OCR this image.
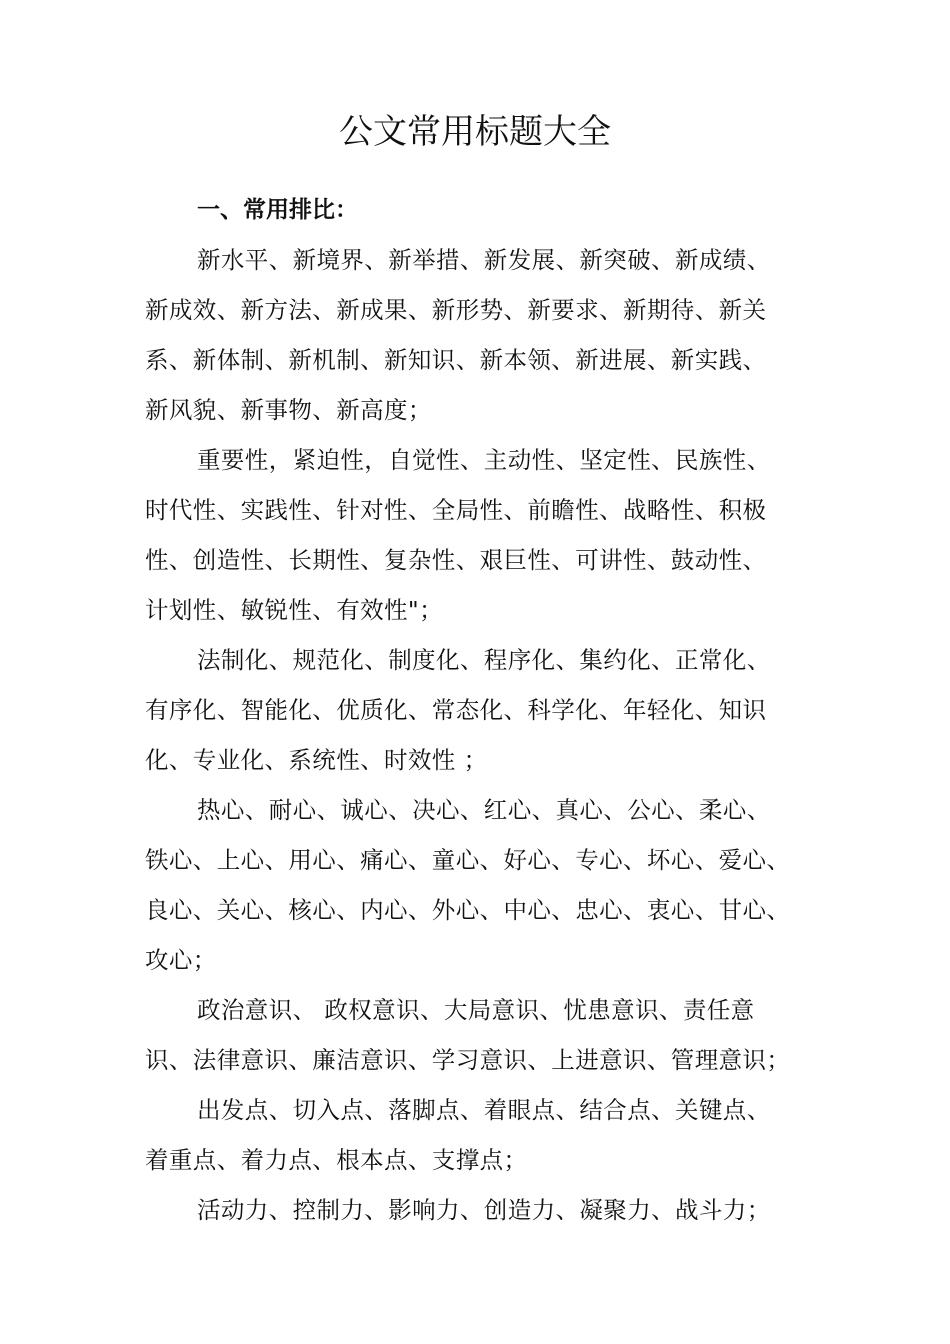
公文常用标题大全

一、常用排比：

新水平、新境界、新举措、新发展、新突破、新成绩、
新成效、新方法、新成果、新形势、新要求、新期待、新关
系、新体制、新机制、新知识、新本领、新进展、新实践、
新风貌、新事物、新高度；

重要性，紧迫性，自觉性、主动性、坚定性、民族性、
时代性、实践性、针对性、全局性、前瞻性、战略性、积极
性、创造性、长期性、复杂性、艰巨性、可讲性、鼓动性、
计划性、敏锐性、有效性"；

法制化、规范化、制度化、程序化、集约化、正常化、
有序化、智能化、优质化、常态化、科学化、年轻化、知识
化、专业化、系统性、时效性 ；

热心、耐心、诚心、决心、红心、真心、公心、柔心、
铁心、上心、用心、痛心、童心、好心、专心、坏心、爱心、
良心、关心、核心、内心、外心、中心、忠心、衷心、甘心、
攻心；

政治意识、 政权意识、大局意识、忧患意识、责任意
识、法律意识、廉洁意识、学习意识、上进意识、管理意识；

出发点、切入点、落脚点、着眼点、结合点、关键点、
着重点、着力点、根本点、支撑点；

活动力、控制力、影响力、创造力、凝聚力、战斗力；
